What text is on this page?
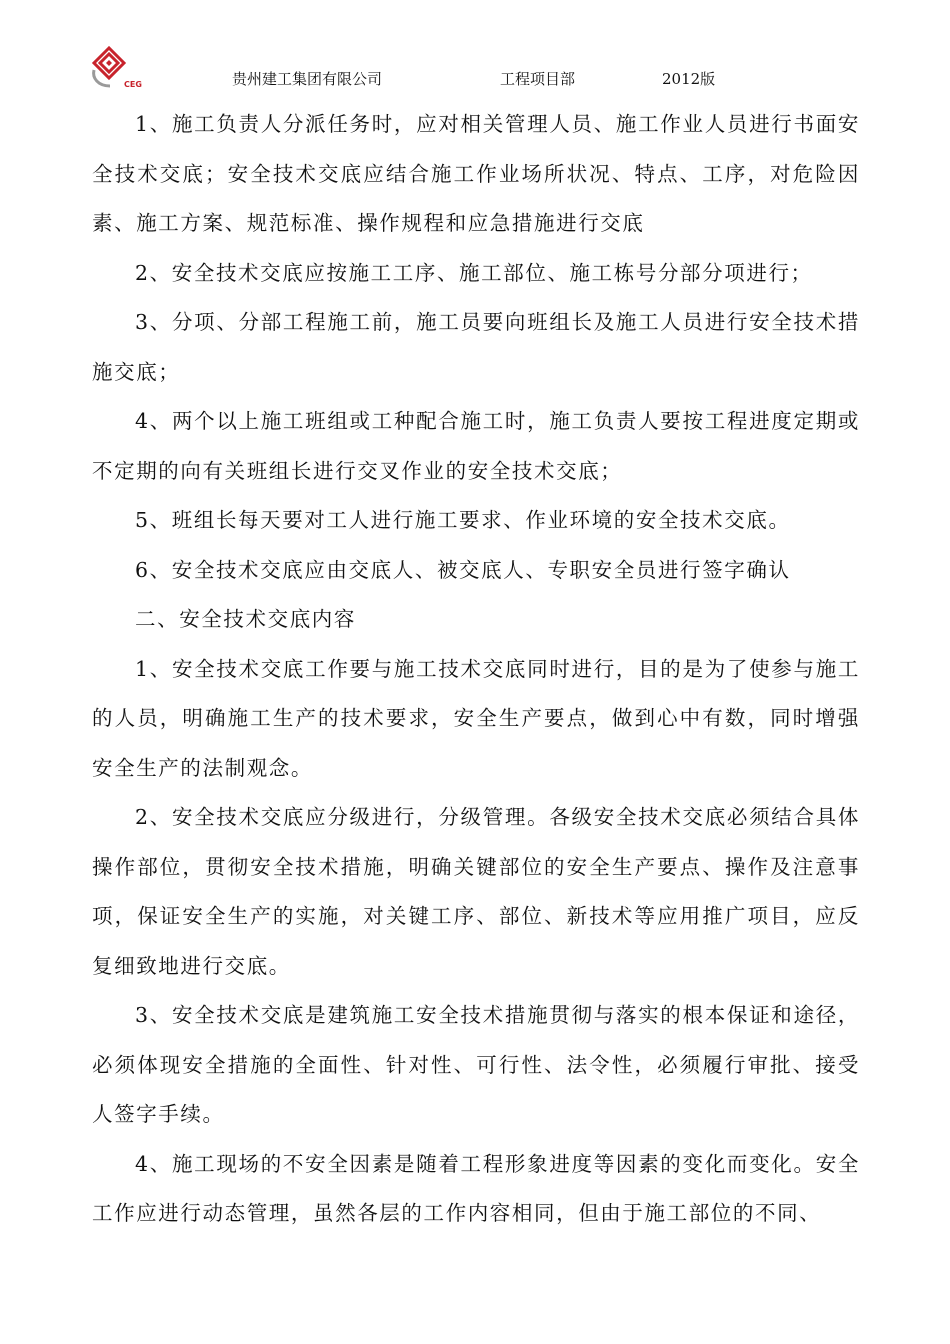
CEG	贵州建工集团有限公司	工程项目部	2012版

1、施工负责人分派任务时，应对相关管理人员、施工作业人员进行书面安全技术交底；安全技术交底应结合施工作业场所状况、特点、工序，对危险因素、施工方案、规范标准、操作规程和应急措施进行交底

2、安全技术交底应按施工工序、施工部位、施工栋号分部分项进行；

3、分项、分部工程施工前，施工员要向班组长及施工人员进行安全技术措施交底；

4、两个以上施工班组或工种配合施工时，施工负责人要按工程进度定期或不定期的向有关班组长进行交叉作业的安全技术交底；

5、班组长每天要对工人进行施工要求、作业环境的安全技术交底。

6、安全技术交底应由交底人、被交底人、专职安全员进行签字确认

二、安全技术交底内容

1、安全技术交底工作要与施工技术交底同时进行，目的是为了使参与施工的人员，明确施工生产的技术要求，安全生产要点，做到心中有数，同时增强安全生产的法制观念。

2、安全技术交底应分级进行，分级管理。各级安全技术交底必须结合具体操作部位，贯彻安全技术措施，明确关键部位的安全生产要点、操作及注意事项，保证安全生产的实施，对关键工序、部位、新技术等应用推广项目，应反复细致地进行交底。

3、安全技术交底是建筑施工安全技术措施贯彻与落实的根本保证和途径，必须体现安全措施的全面性、针对性、可行性、法令性，必须履行审批、接受人签字手续。

4、施工现场的不安全因素是随着工程形象进度等因素的变化而变化。安全工作应进行动态管理，虽然各层的工作内容相同，但由于施工部位的不同、
